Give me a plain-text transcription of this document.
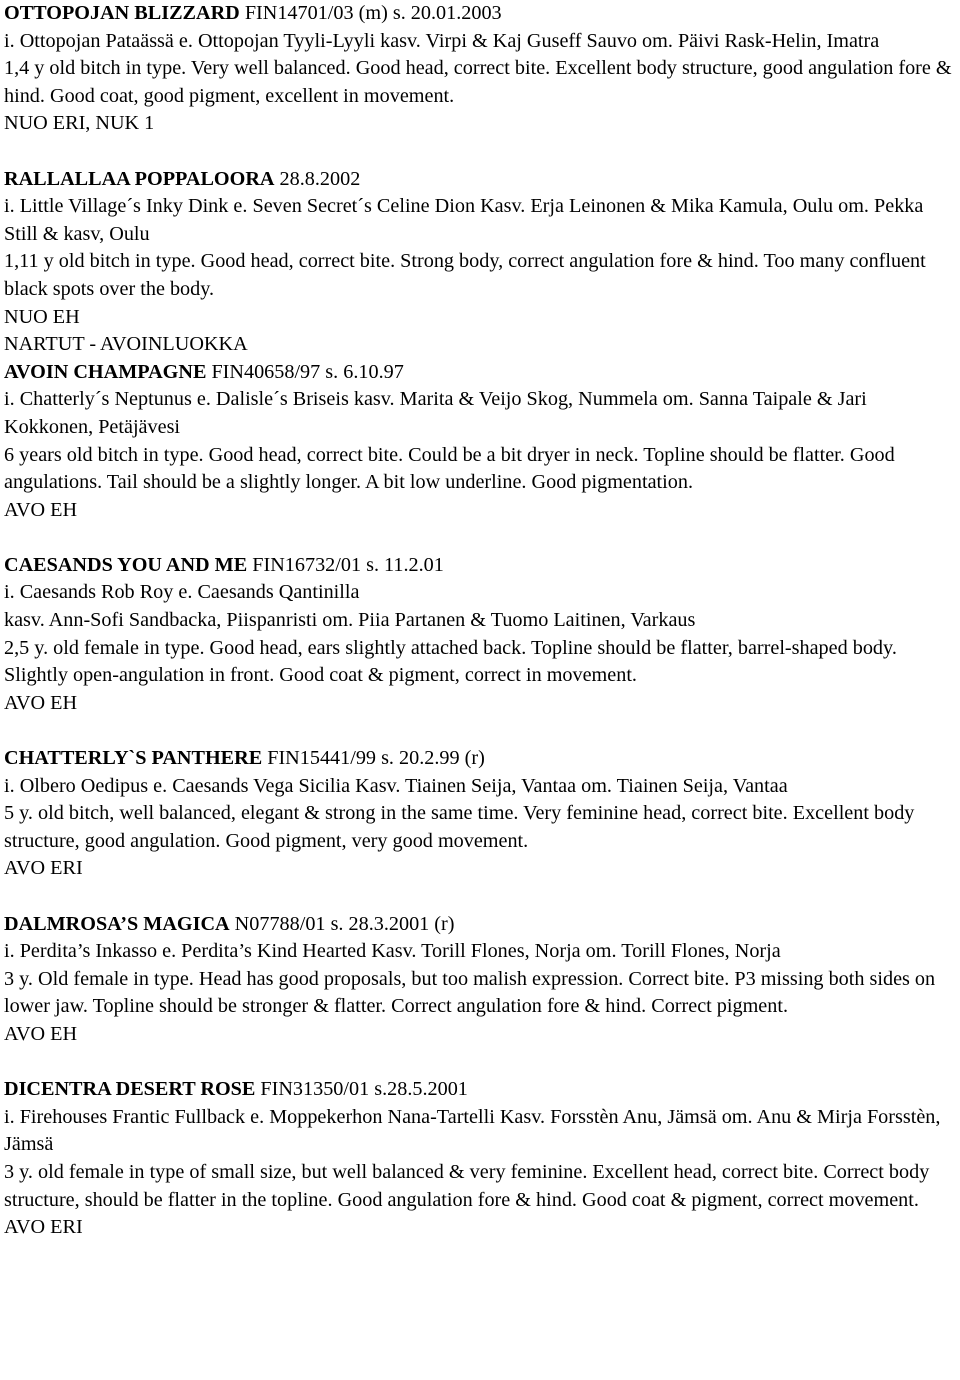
OTTOPOJAN BLIZZARD FIN14701/03 (m) s. 20.01.2003

i. Ottopojan Pataässä e. Ottopojan Tyyli-Lyyli kasv. Virpi & Kaj Guseff Sauvo om. Päivi Rask-Helin, Imatra

1,4 y old bitch in type. Very well balanced. Good head, correct bite. Excellent body structure, good angulation fore & hind. Good coat, good pigment, excellent in movement.

NUO ERI, NUK 1

RALLALLAA POPPALOORA 28.8.2002

i. Little Village´s Inky Dink e. Seven Secret´s Celine Dion Kasv. Erja Leinonen & Mika Kamula, Oulu om. Pekka Still & kasv, Oulu

1,11 y old bitch in type. Good head, correct bite. Strong body, correct angulation fore & hind. Too many confluent black spots over the body.

NUO EH

NARTUT - AVOINLUOKKA

AVOIN CHAMPAGNE FIN40658/97 s. 6.10.97

i. Chatterly´s Neptunus e. Dalisle´s Briseis kasv. Marita & Veijo Skog, Nummela om. Sanna Taipale & Jari Kokkonen, Petäjävesi

6 years old bitch in type. Good head, correct bite. Could be a bit dryer in neck. Topline should be flatter. Good angulations. Tail should be a slightly longer. A bit low underline. Good pigmentation.

AVO EH

CAESANDS YOU AND ME FIN16732/01 s. 11.2.01

i. Caesands Rob Roy e. Caesands Qantinilla

kasv. Ann-Sofi Sandbacka, Piispanristi om. Piia Partanen & Tuomo Laitinen, Varkaus

2,5 y. old female in type. Good head, ears slightly attached back. Topline should be flatter, barrel-shaped body. Slightly open-angulation in front. Good coat & pigment, correct in movement.

AVO EH

CHATTERLY`S PANTHERE FIN15441/99 s. 20.2.99 (r)

i. Olbero Oedipus e. Caesands Vega Sicilia Kasv. Tiainen Seija, Vantaa om. Tiainen Seija, Vantaa

5 y. old bitch, well balanced, elegant & strong in the same time. Very feminine head, correct bite. Excellent body structure, good angulation. Good pigment, very good movement.

AVO ERI

DALMROSA’S MAGICA N07788/01 s. 28.3.2001 (r)

i. Perdita’s Inkasso e. Perdita’s Kind Hearted Kasv. Torill Flones, Norja om. Torill Flones, Norja

3 y. Old female in type. Head has good proposals, but too malish expression. Correct bite. P3 missing both sides on lower jaw. Topline should be stronger & flatter. Correct angulation fore & hind. Correct pigment.

AVO EH

DICENTRA DESERT ROSE FIN31350/01 s.28.5.2001

i. Firehouses Frantic Fullback e. Moppekerhon Nana-Tartelli Kasv. Forsstèn Anu, Jämsä om. Anu & Mirja Forsstèn, Jämsä

3 y. old female in type of small size, but well balanced & very feminine. Excellent head, correct bite. Correct body structure, should be flatter in the topline. Good angulation fore & hind. Good coat & pigment, correct movement.

AVO ERI
